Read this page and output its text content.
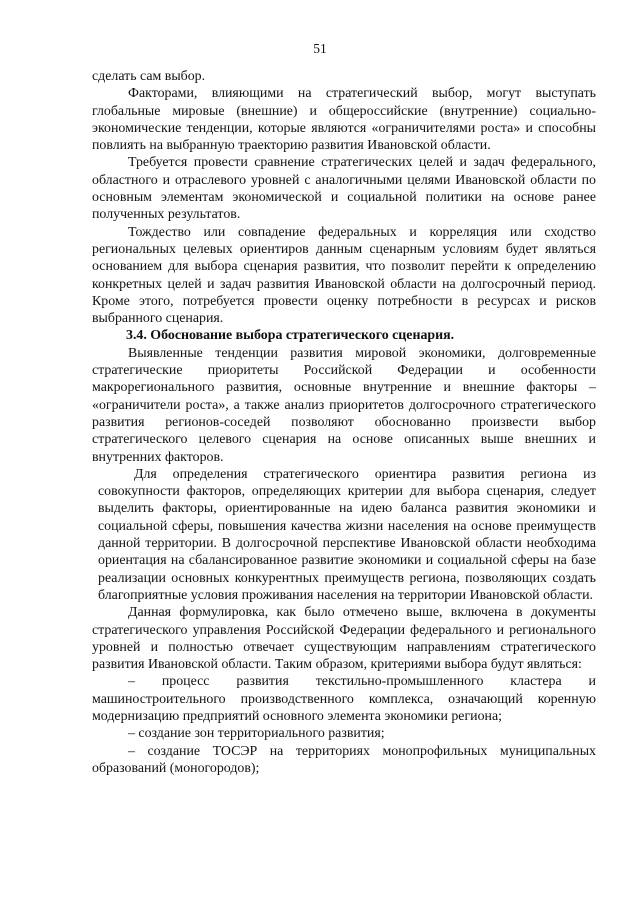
51

сделать сам выбор.

Факторами, влияющими на стратегический выбор, могут выступать глобальные мировые (внешние) и общероссийские (внутренние) социально-экономические тенденции, которые являются «ограничителями роста» и способны повлиять на выбранную траекторию развития Ивановской области.

Требуется провести сравнение стратегических целей и задач федерального, областного и отраслевого уровней с аналогичными целями Ивановской области по основным элементам экономической и социальной политики на основе ранее полученных результатов.

Тождество или совпадение федеральных и корреляция или сходство региональных целевых ориентиров данным сценарным условиям будет являться основанием для выбора сценария развития, что позволит перейти к определению конкретных целей и задач развития Ивановской области на долгосрочный период. Кроме этого, потребуется провести оценку потребности в ресурсах и рисков выбранного сценария.

3.4. Обоснование выбора стратегического сценария.

Выявленные тенденции развития мировой экономики, долговременные стратегические приоритеты Российской Федерации и особенности макрорегионального развития, основные внутренние и внешние факторы – «ограничители роста», а также анализ приоритетов долгосрочного стратегического развития регионов-соседей позволяют обоснованно произвести выбор стратегического целевого сценария на основе описанных выше внешних и внутренних факторов.

Для определения стратегического ориентира развития региона из совокупности факторов, определяющих критерии для выбора сценария, следует выделить факторы, ориентированные на идею баланса развития экономики и социальной сферы, повышения качества жизни населения на основе преимуществ данной территории. В долгосрочной перспективе Ивановской области необходима ориентация на сбалансированное развитие экономики и социальной сферы на базе реализации основных конкурентных преимуществ региона, позволяющих создать благоприятные условия проживания населения на территории Ивановской области.

Данная формулировка, как было отмечено выше, включена в документы стратегического управления Российской Федерации федерального и регионального уровней и полностью отвечает существующим направлениям стратегического развития Ивановской области. Таким образом, критериями выбора будут являться:

– процесс развития текстильно-промышленного кластера и машиностроительного производственного комплекса, означающий коренную модернизацию предприятий основного элемента экономики региона;

– создание зон территориального развития;

– создание ТОСЭР на территориях монопрофильных муниципальных образований (моногородов);
